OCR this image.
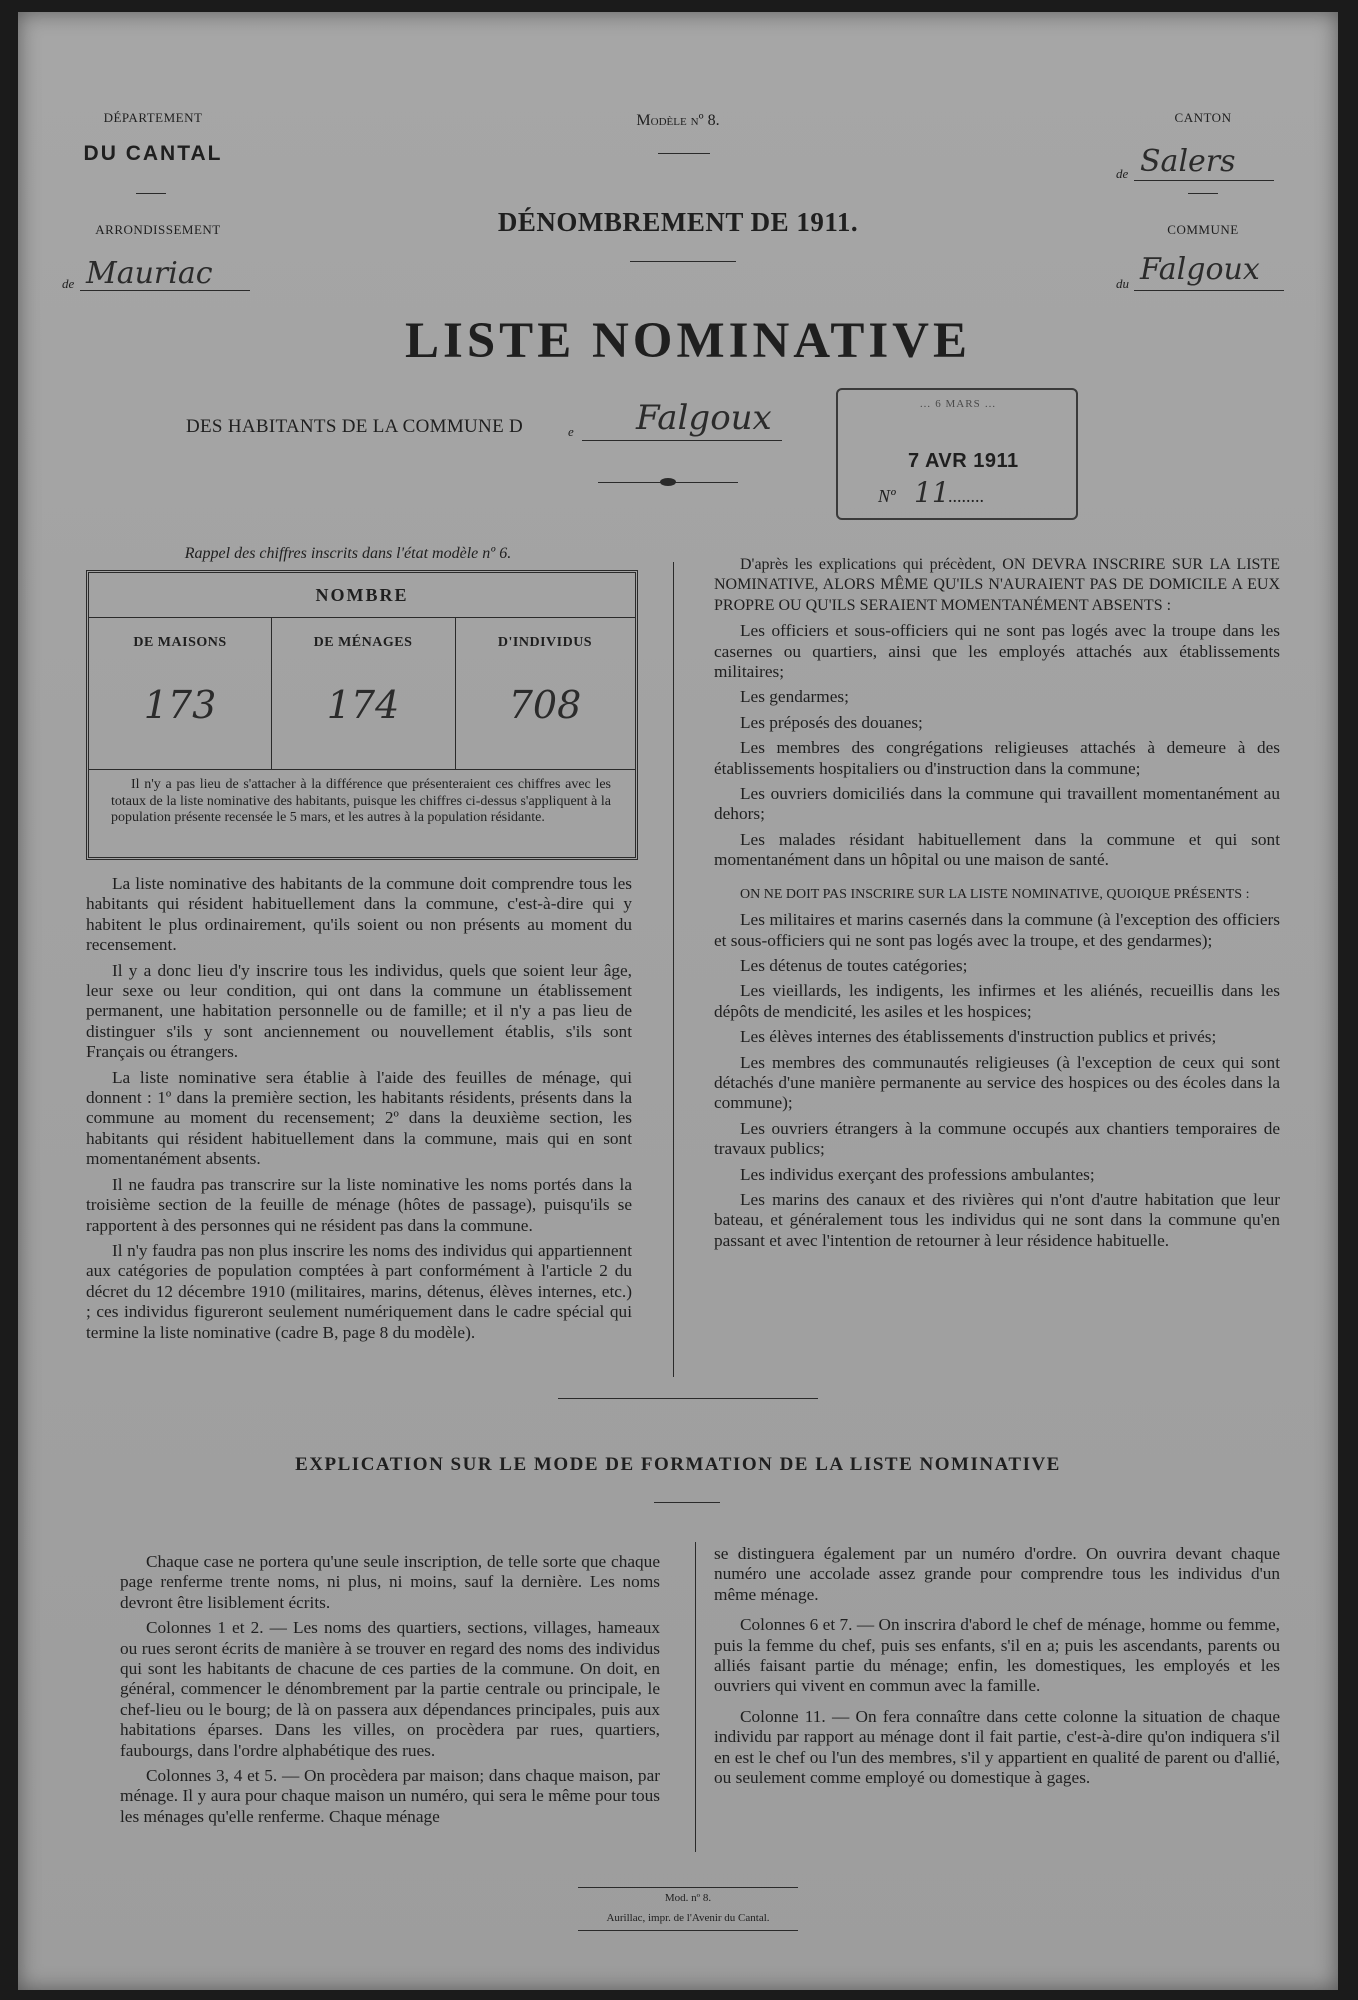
DÉPARTEMENT
DU CANTAL
ARRONDISSEMENT
de Mauriac
Modèle nº 8.
DÉNOMBREMENT DE 1911.
LISTE NOMINATIVE
DES HABITANTS DE LA COMMUNE D	e Falgoux
CANTON
de Salers
COMMUNE
du Falgoux
… 6 MARS …
7 AVR 1911
Nº 11
........
Rappel des chiffres inscrits dans l'état modèle nº 6.
NOMBRE
DE MAISONS	DE MÉNAGES	D'INDIVIDUS
173	174	708
Il n'y a pas lieu de s'attacher à la différence que présenteraient ces chiffres avec les totaux de la liste nominative des habitants, puisque les chiffres ci-dessus s'appliquent à la population présente recensée le 5 mars, et les autres à la population résidante.

La liste nominative des habitants de la commune doit comprendre tous les habitants qui résident habituellement dans la commune, c'est-à-dire qui y habitent le plus ordinairement, qu'ils soient ou non présents au moment du recensement.

Il y a donc lieu d'y inscrire tous les individus, quels que soient leur âge, leur sexe ou leur condition, qui ont dans la commune un établissement permanent, une habitation personnelle ou de famille; et il n'y a pas lieu de distinguer s'ils y sont anciennement ou nouvellement établis, s'ils sont Français ou étrangers.

La liste nominative sera établie à l'aide des feuilles de ménage, qui donnent : 1º dans la première section, les habitants résidents, présents dans la commune au moment du recensement; 2º dans la deuxième section, les habitants qui résident habituellement dans la commune, mais qui en sont momentanément absents.

Il ne faudra pas transcrire sur la liste nominative les noms portés dans la troisième section de la feuille de ménage (hôtes de passage), puisqu'ils se rapportent à des personnes qui ne résident pas dans la commune.

Il n'y faudra pas non plus inscrire les noms des individus qui appartiennent aux catégories de population comptées à part conformément à l'article 2 du décret du 12 décembre 1910 (militaires, marins, détenus, élèves internes, etc.) ; ces individus figureront seulement numériquement dans le cadre spécial qui termine la liste nominative (cadre B, page 8 du modèle).

D'après les explications qui précèdent, ON DEVRA INSCRIRE SUR LA LISTE NOMINATIVE, ALORS MÊME QU'ILS N'AURAIENT PAS DE DOMICILE A EUX PROPRE OU QU'ILS SERAIENT MOMENTANÉMENT ABSENTS :

Les officiers et sous-officiers qui ne sont pas logés avec la troupe dans les casernes ou quartiers, ainsi que les employés attachés aux établissements militaires;

Les gendarmes;

Les préposés des douanes;

Les membres des congrégations religieuses attachés à demeure à des établissements hospitaliers ou d'instruction dans la commune;

Les ouvriers domiciliés dans la commune qui travaillent momentanément au dehors;

Les malades résidant habituellement dans la commune et qui sont momentanément dans un hôpital ou une maison de santé.

ON NE DOIT PAS INSCRIRE SUR LA LISTE NOMINATIVE, QUOIQUE PRÉSENTS :

Les militaires et marins casernés dans la commune (à l'exception des officiers et sous-officiers qui ne sont pas logés avec la troupe, et des gendarmes);

Les détenus de toutes catégories;

Les vieillards, les indigents, les infirmes et les aliénés, recueillis dans les dépôts de mendicité, les asiles et les hospices;

Les élèves internes des établissements d'instruction publics et privés;

Les membres des communautés religieuses (à l'exception de ceux qui sont détachés d'une manière permanente au service des hospices ou des écoles dans la commune);

Les ouvriers étrangers à la commune occupés aux chantiers temporaires de travaux publics;

Les individus exerçant des professions ambulantes;

Les marins des canaux et des rivières qui n'ont d'autre habitation que leur bateau, et généralement tous les individus qui ne sont dans la commune qu'en passant et avec l'intention de retourner à leur résidence habituelle.

EXPLICATION SUR LE MODE DE FORMATION DE LA LISTE NOMINATIVE

Chaque case ne portera qu'une seule inscription, de telle sorte que chaque page renferme trente noms, ni plus, ni moins, sauf la dernière. Les noms devront être lisiblement écrits.

Colonnes 1 et 2. — Les noms des quartiers, sections, villages, hameaux ou rues seront écrits de manière à se trouver en regard des noms des individus qui sont les habitants de chacune de ces parties de la commune. On doit, en général, commencer le dénombrement par la partie centrale ou principale, le chef-lieu ou le bourg; de là on passera aux dépendances principales, puis aux habitations éparses. Dans les villes, on procèdera par rues, quartiers, faubourgs, dans l'ordre alphabétique des rues.

Colonnes 3, 4 et 5. — On procèdera par maison; dans chaque maison, par ménage. Il y aura pour chaque maison un numéro, qui sera le même pour tous les ménages qu'elle renferme. Chaque ménage

se distinguera également par un numéro d'ordre. On ouvrira devant chaque numéro une accolade assez grande pour comprendre tous les individus d'un même ménage.

Colonnes 6 et 7. — On inscrira d'abord le chef de ménage, homme ou femme, puis la femme du chef, puis ses enfants, s'il en a; puis les ascendants, parents ou alliés faisant partie du ménage; enfin, les domestiques, les employés et les ouvriers qui vivent en commun avec la famille.

Colonne 11. — On fera connaître dans cette colonne la situation de chaque individu par rapport au ménage dont il fait partie, c'est-à-dire qu'on indiquera s'il en est le chef ou l'un des membres, s'il y appartient en qualité de parent ou d'allié, ou seulement comme employé ou domestique à gages.

Mod. nº 8.
Aurillac, impr. de l'Avenir du Cantal.
